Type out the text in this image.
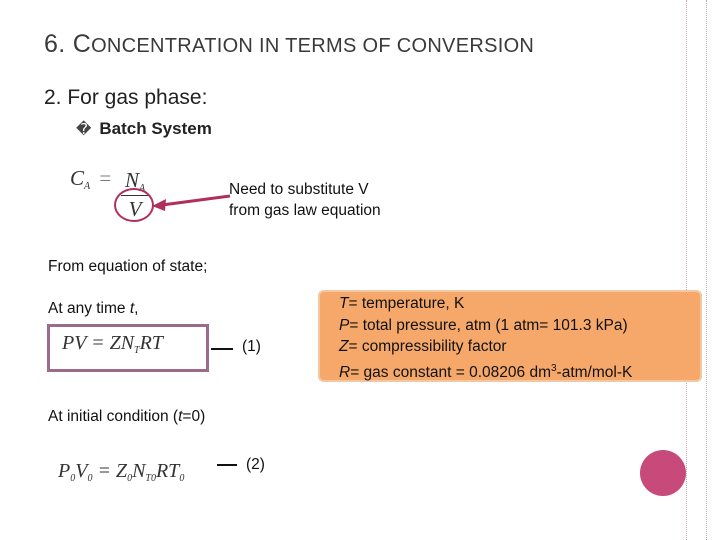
6. CONCENTRATION IN TERMS OF CONVERSION
2. For gas phase:
� Batch System
$C_A = N_A$
V
Need to substitute V
from gas law equation
From equation of state;
At any time t,
PV = $ZN_TRT$	(1)
At initial condition (t=0)
$P_0V_0 = Z_0N_{T0}RT_0$
(2)
T= temperature, K
P= total pressure, atm (1 atm= 101.3 kPa)
Z= compressibility factor
R= gas constant = 0.08206 $dm^3-atm/mol-K$
